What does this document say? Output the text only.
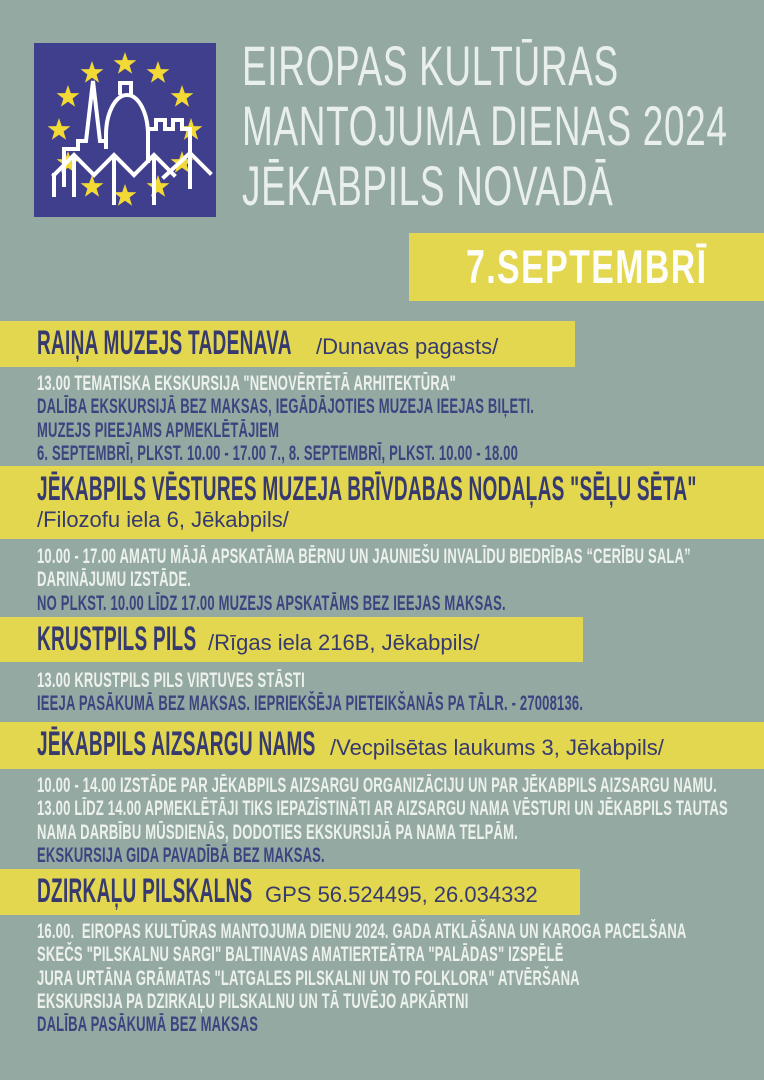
EIROPAS KULTŪRAS
MANTOJUMA DIENAS 2024
JĒKABPILS NOVADĀ
7.SEPTEMBRĪ
RAIŅA MUZEJS TADENAVA /Dunavas pagasts/
13.00 TEMATISKA EKSKURSIJA "NENOVĒRTĒTĀ ARHITEKTŪRA"
DALĪBA EKSKURSIJĀ BEZ MAKSAS, IEGĀDĀJOTIES MUZEJA IEEJAS BIĻETI.
MUZEJS PIEEJAMS APMEKLĒTĀJIEM
6. SEPTEMBRĪ, PLKST. 10.00 - 17.00 7., 8. SEPTEMBRĪ, PLKST. 10.00 - 18.00
JĒKABPILS VĒSTURES MUZEJA BRĪVDABAS NODAĻAS "SĒĻU SĒTA"
/Filozofu iela 6, Jēkabpils/
10.00 - 17.00 AMATU MĀJĀ APSKATĀMA BĒRNU UN JAUNIEŠU INVALĪDU BIEDRĪBAS “CERĪBU SALA”
DARINĀJUMU IZSTĀDE.
NO PLKST. 10.00 LĪDZ 17.00 MUZEJS APSKATĀMS BEZ IEEJAS MAKSAS.
KRUSTPILS PILS /Rīgas iela 216B, Jēkabpils/
13.00 KRUSTPILS PILS VIRTUVES STĀSTI
IEEJA PASĀKUMĀ BEZ MAKSAS. IEPRIEKŠĒJA PIETEIKŠANĀS PA TĀLR. - 27008136.
JĒKABPILS AIZSARGU NAMS /Vecpilsētas laukums 3, Jēkabpils/
10.00 - 14.00 IZSTĀDE PAR JĒKABPILS AIZSARGU ORGANIZĀCIJU UN PAR JĒKABPILS AIZSARGU NAMU.
13.00 LĪDZ 14.00 APMEKLĒTĀJI TIKS IEPAZĪSTINĀTI AR AIZSARGU NAMA VĒSTURI UN JĒKABPILS TAUTAS
NAMA DARBĪBU MŪSDIENĀS, DODOTIES EKSKURSIJĀ PA NAMA TELPĀM.
EKSKURSIJA GIDA PAVADĪBĀ BEZ MAKSAS.
DZIRKAĻU PILSKALNS GPS 56.524495, 26.034332
16.00.  EIROPAS KULTŪRAS MANTOJUMA DIENU 2024. GADA ATKLĀŠANA UN KAROGA PACELŠANA
SKEČS "PILSKALNU SARGI" BALTINAVAS AMATIERTEĀTRA "PALĀDAS" IZSPĒLĒ
JURA URTĀNA GRĀMATAS "LATGALES PILSKALNI UN TO FOLKLORA" ATVĒRŠANA
EKSKURSIJA PA DZIRKAĻU PILSKALNU UN TĀ TUVĒJO APKĀRTNI
DALĪBA PASĀKUMĀ BEZ MAKSAS
